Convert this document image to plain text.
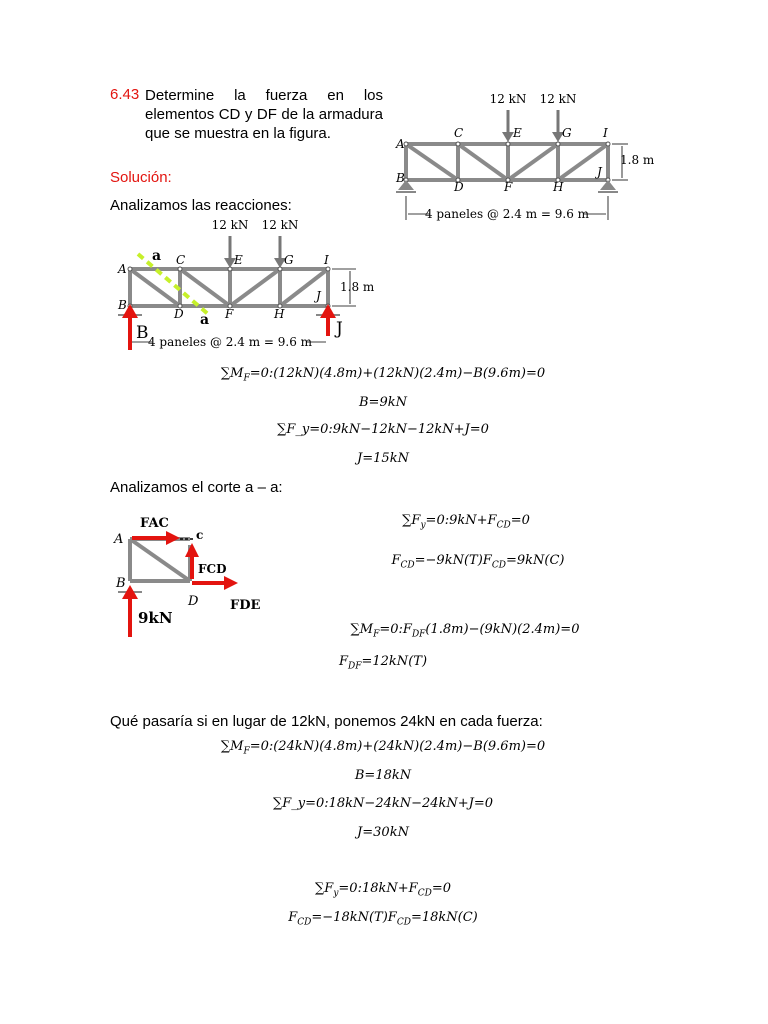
6.43 Determine la fuerza en los elementos CD y DF de la armadura que se muestra en la figura.
Solución:
Analizamos las reacciones:
12 kN 12 kN
A
C	E	G	I
B
D	F	H
J
1.8 m
4 paneles @ 2.4 m = 9.6 m
12 kN 12 kN
a
a
A
C	E	G	I
B
D	F	H
J
B	J
1.8 m
4 paneles @ 2.4 m = 9.6 m
$\sum M_F=0:(12kN)(4.8m)+(12kN)(2.4m)-B(9.6m)=0$
B=9kN
∑F_y=0:9kN−12kN−12kN+J=0
J=15kN
Analizamos el corte a – a:
A
B
D
c
FAC
FCD
FDE
9kN
$\sum F_y=0:9kN+F_{CD}=0$
$F_{CD}=-9kN(T)F_{CD}=9kN(C)$
$\sum M_F=0:F_{DF}(1.8m)-(9kN)(2.4m)=0$
$F_{DF}=12kN(T)$
Qué pasaría si en lugar de 12kN, ponemos 24kN en cada fuerza:
$\sum M_F=0:(24kN)(4.8m)+(24kN)(2.4m)-B(9.6m)=0$
B=18kN
∑F_y=0:18kN−24kN−24kN+J=0
J=30kN
$\sum F_y=0:18kN+F_{CD}=0$
$F_{CD}=-18kN(T)F_{CD}=18kN(C)$
